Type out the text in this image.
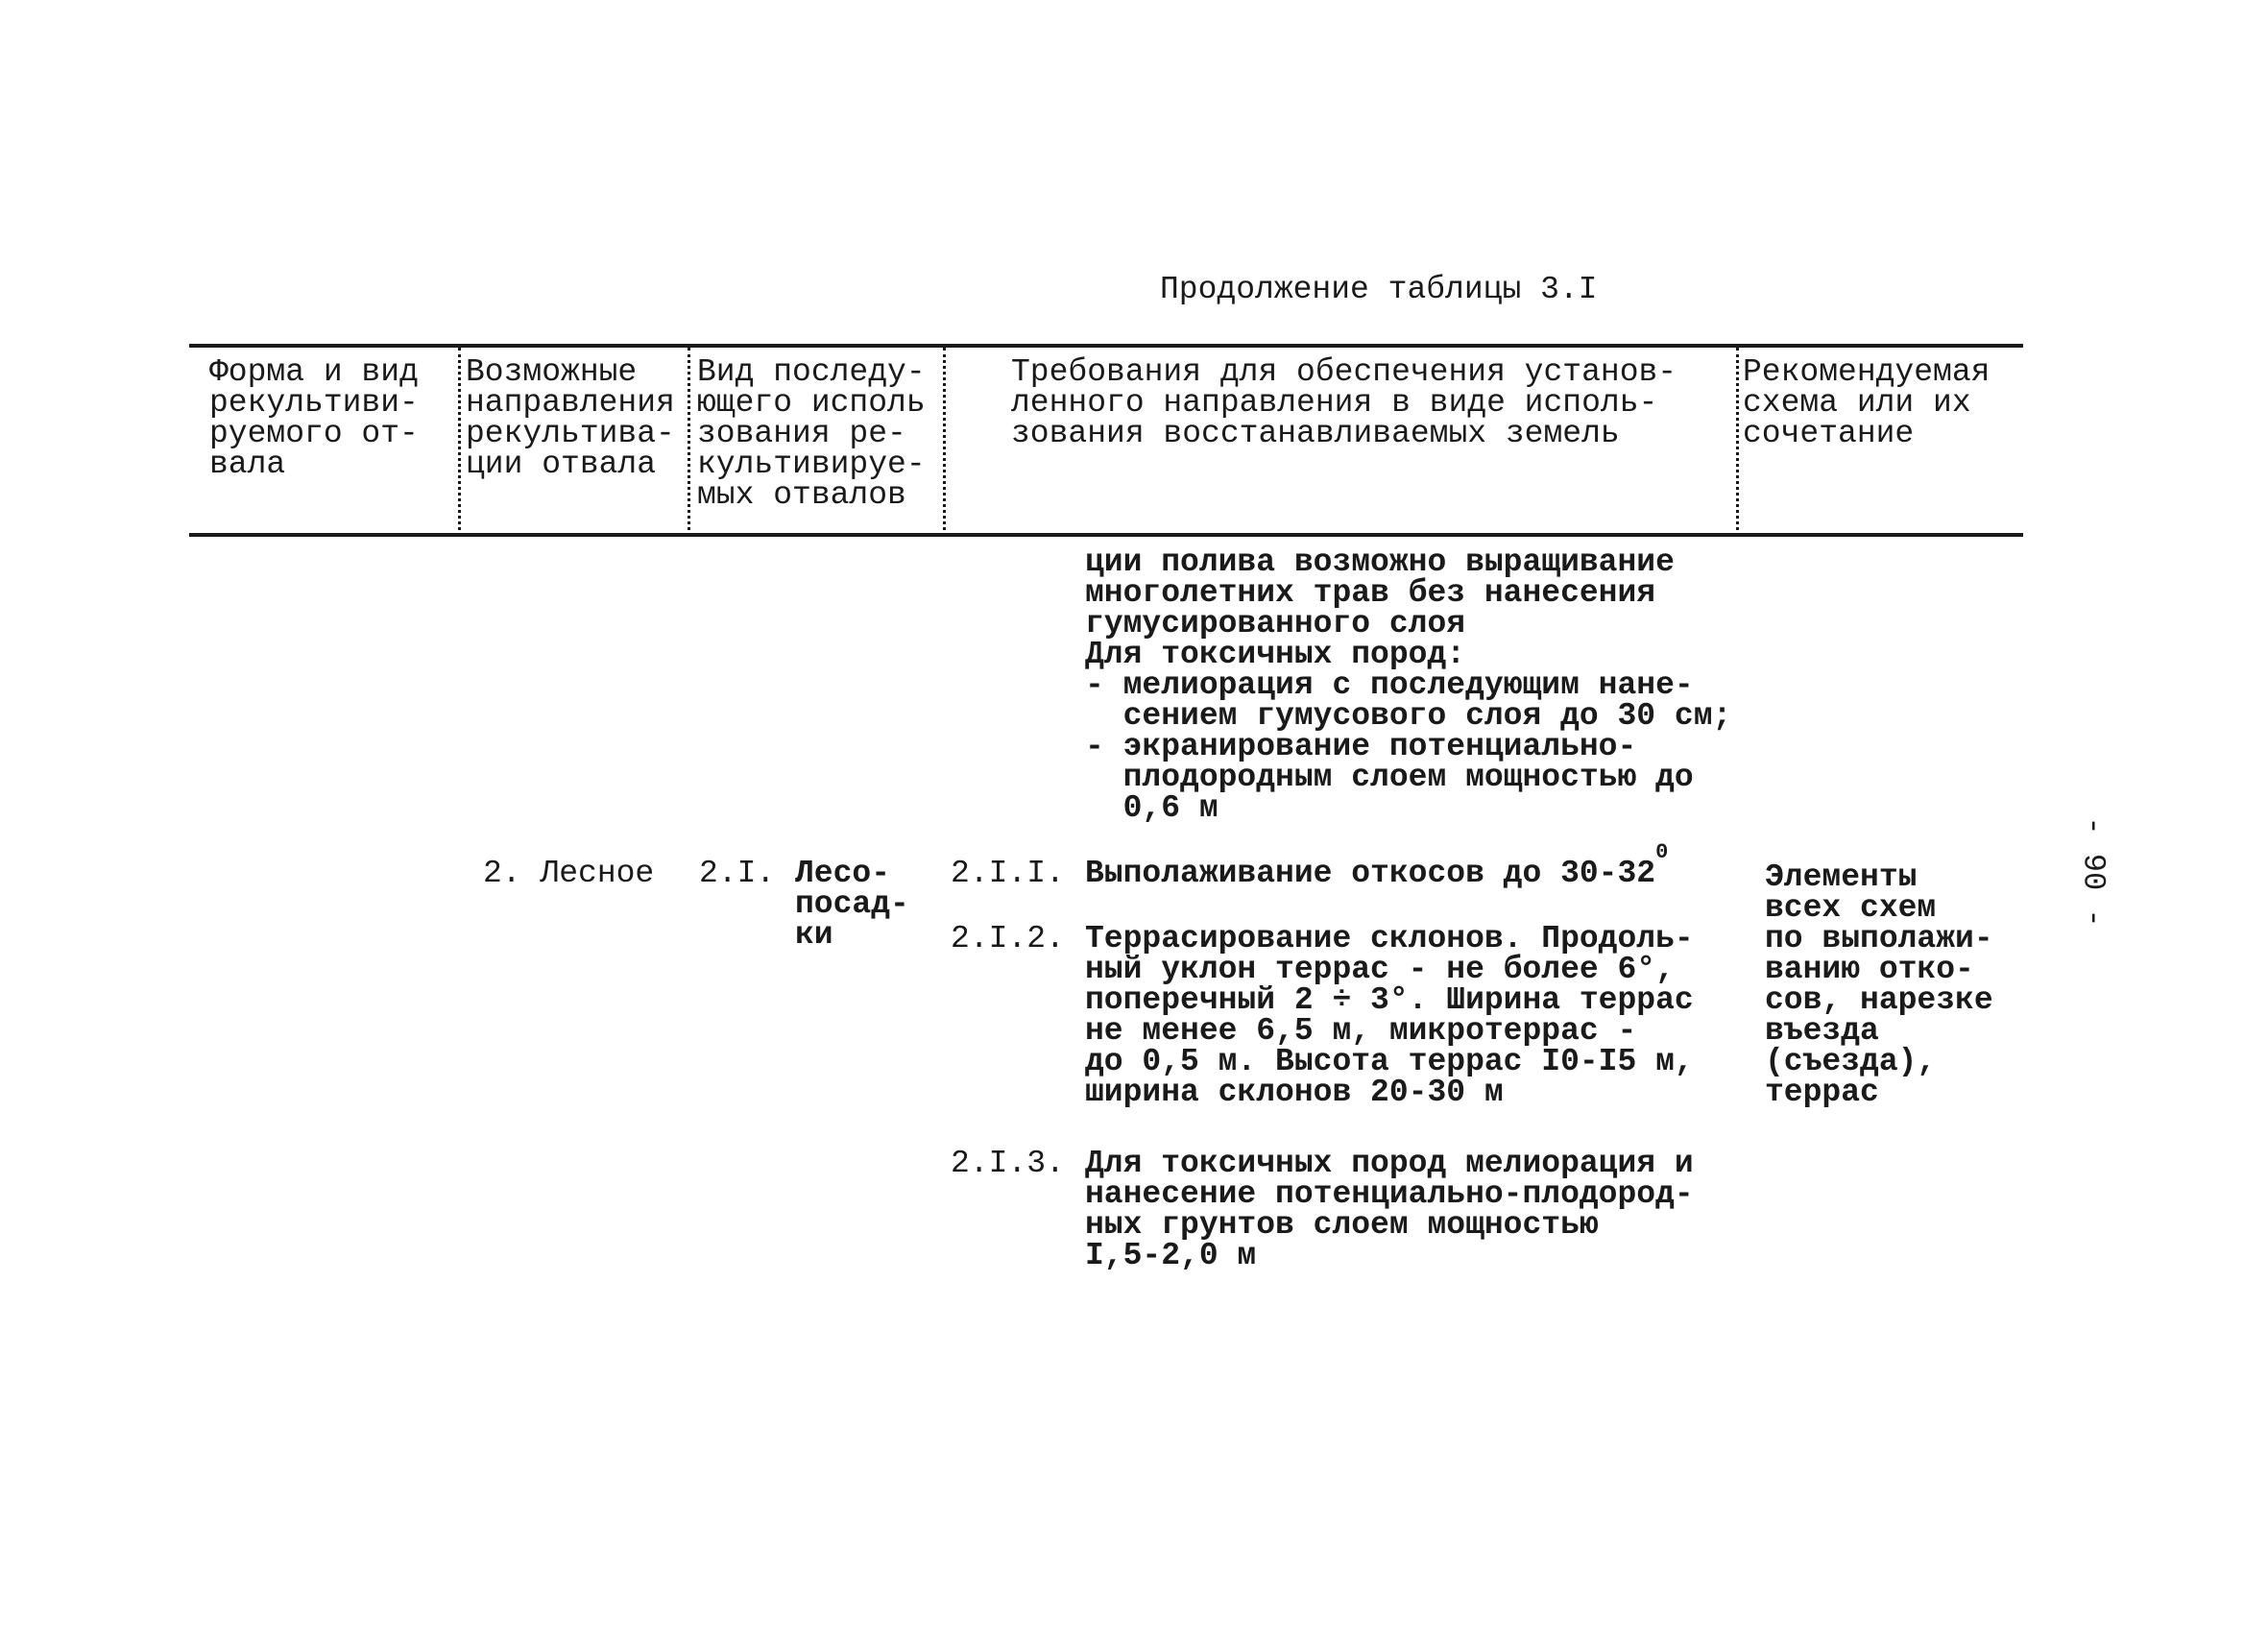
Продолжение таблицы 3.I
Форма и вид
рекультиви-
руемого от-
вала
Возможные
направления
рекультива-
ции отвала
Вид последу-
ющего исполь
зования ре-
культивируе-
мых отвалов
Требования для обеспечения установ-
ленного направления в виде исполь-
зования восстанавливаемых земель
Рекомендуемая
схема или их
сочетание
ции полива возможно выращивание
многолетних трав без нанесения
гумусированного слоя
Для токсичных пород:
- мелиорация с последующим нане-
сением гумусового слоя до 30 см;
- экранирование потенциально-
плодородным слоем мощностью до
0,6 м
2. Лесное 2.I. Лесо-
посад-
ки
2.I.I. Выполаживание откосов до $30-32^0$
2.I.2. Террасирование склонов. Продоль-
ный уклон террас - не более 6°,
поперечный 2 ÷ 3°. Ширина террас
не менее 6,5 м, микротеррас -
до 0,5 м. Высота террас I0-I5 м,
ширина склонов 20-30 м
2.I.3. Для токсичных пород мелиорация и
нанесение потенциально-плодород-
ных грунтов слоем мощностью
I,5-2,0 м
Элементы
всех схем
по выполажи-
ванию отко-
сов, нарезке
въезда
(съезда),
террас
- 90 -
